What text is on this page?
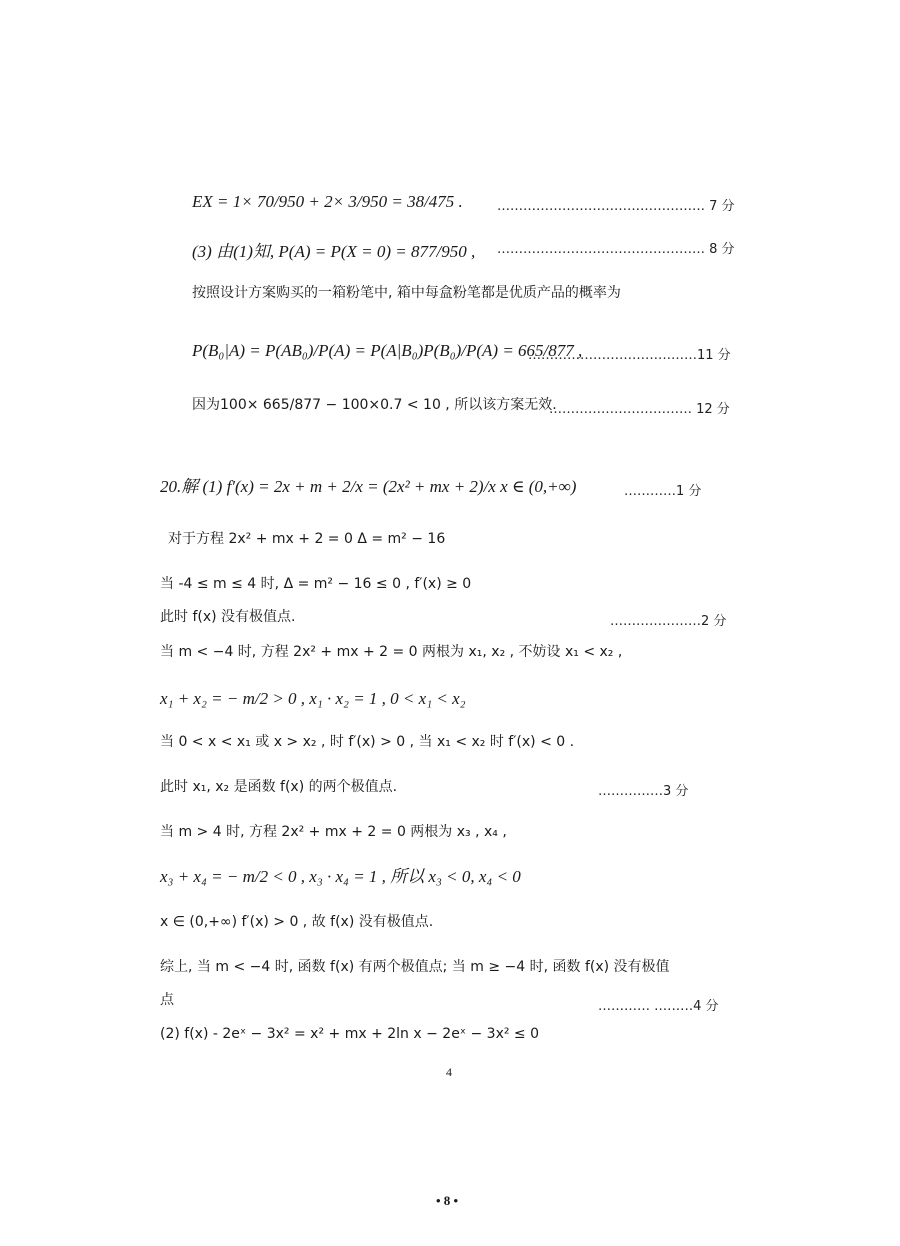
EX = 1× 70/950 + 2× 3/950 = 38/475 .	………………………………………… 7 分
(3) 由(1)知, P(A) = P(X = 0) = 877/950 , ………………………………………… 8 分
按照设计方案购买的一箱粉笔中, 箱中每盒粉笔都是优质产品的概率为
P(B₀|A) = P(AB₀)/P(A) = P(A|B₀)P(B₀)/P(A) = 665/877 ,
…………………………………11 分
因为100× 665/877 − 100×0.7 < 10 , 所以该方案无效.
…………………………… 12 分
20.解 (1) f′(x) = 2x + m + 2/x = (2x² + mx + 2)/x x ∈ (0,+∞)	…………1 分
对于方程 2x² + mx + 2 = 0 Δ = m² − 16
当 -4 ≤ m ≤ 4 时, Δ = m² − 16 ≤ 0 , f′(x) ≥ 0
此时 f(x) 没有极值点.	…………………2 分
当 m < −4 时, 方程 2x² + mx + 2 = 0 两根为 x₁, x₂ , 不妨设 x₁ < x₂ ,
x₁ + x₂ = − m/2 > 0 , x₁ · x₂ = 1 , 0 < x₁ < x₂
当 0 < x < x₁ 或 x > x₂ , 时 f′(x) > 0 , 当 x₁ < x₂ 时 f′(x) < 0 .
此时 x₁, x₂ 是函数 f(x) 的两个极值点.	……………3 分
当 m > 4 时, 方程 2x² + mx + 2 = 0 两根为 x₃ , x₄ ,
x₃ + x₄ = − m/2 < 0 , x₃ · x₄ = 1 , 所以 x₃ < 0, x₄ < 0
x ∈ (0,+∞) f′(x) > 0 , 故 f(x) 没有极值点.
综上, 当 m < −4 时, 函数 f(x) 有两个极值点; 当 m ≥ −4 时, 函数 f(x) 没有极值
点	………… ………4 分
(2) f(x) - 2eˣ − 3x² = x² + mx + 2ln x − 2eˣ − 3x² ≤ 0
4
• 8 •
